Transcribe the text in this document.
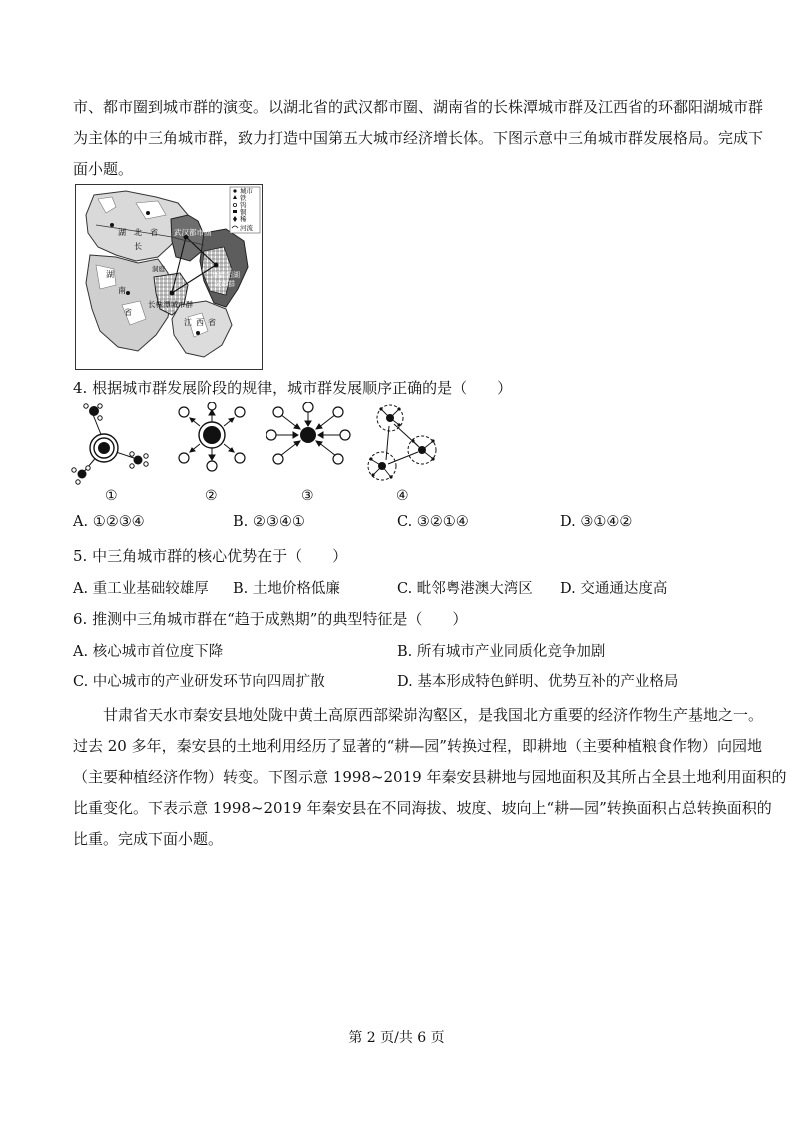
市、都市圈到城市群的演变。以湖北省的武汉都市圈、湖南省的长株潭城市群及江西省的环鄱阳湖城市群
为主体的中三角城市群，致力打造中国第五大城市经济增长体。下图示意中三角城市群发展格局。完成下
面小题。
城市
铁
钨
铜
稀
河流
湖 北 省
长
武汉都市圈
环鄱阳湖
城市群
长株潭城市群
湖
南
省
江 西 省
洞庭
4. 根据城市群发展阶段的规律，城市群发展顺序正确的是（　　）
①	②	③	④
A. ①②③④	B. ②③④①	C. ③②①④	D. ③①④②
5. 中三角城市群的核心优势在于（　　）
A. 重工业基础较雄厚 B. 土地价格低廉	C. 毗邻粤港澳大湾区 D. 交通通达度高
6. 推测中三角城市群在“趋于成熟期”的典型特征是（　　）
A. 核心城市首位度下降	B. 所有城市产业同质化竞争加剧
C. 中心城市的产业研发环节向四周扩散	D. 基本形成特色鲜明、优势互补的产业格局
甘肃省天水市秦安县地处陇中黄土高原西部梁峁沟壑区，是我国北方重要的经济作物生产基地之一。
过去 20 多年，秦安县的土地利用经历了显著的“耕—园”转换过程，即耕地（主要种植粮食作物）向园地
（主要种植经济作物）转变。下图示意 1998~2019 年秦安县耕地与园地面积及其所占全县土地利用面积的
比重变化。下表示意 1998~2019 年秦安县在不同海拔、坡度、坡向上“耕—园”转换面积占总转换面积的
比重。完成下面小题。
第 2 页/共 6 页
